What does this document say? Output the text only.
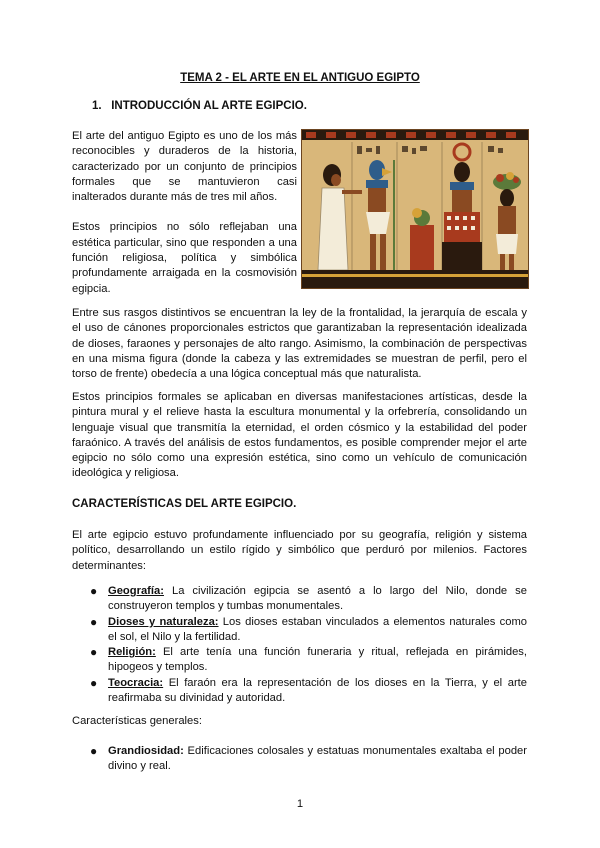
TEMA 2 - EL ARTE EN EL ANTIGUO EGIPTO
1. INTRODUCCIÓN AL ARTE EGIPCIO.

El arte del antiguo Egipto es uno de los más reconocibles y duraderos de la historia, caracterizado por un conjunto de principios formales que se mantuvieron casi inalterados durante más de tres mil años.

Estos principios no sólo reflejaban una estética particular, sino que responden a una función religiosa, política y simbólica profundamente arraigada en la cosmovisión egipcia.

Entre sus rasgos distintivos se encuentran la ley de la frontalidad, la jerarquía de escala y el uso de cánones proporcionales estrictos que garantizaban la representación idealizada de dioses, faraones y personajes de alto rango. Asimismo, la combinación de perspectivas en una misma figura (donde la cabeza y las extremidades se muestran de perfil, pero el torso de frente) obedecía a una lógica conceptual más que naturalista.

Estos principios formales se aplicaban en diversas manifestaciones artísticas, desde la pintura mural y el relieve hasta la escultura monumental y la orfebrería, consolidando un lenguaje visual que transmitía la eternidad, el orden cósmico y la estabilidad del poder faraónico. A través del análisis de estos fundamentos, es posible comprender mejor el arte egipcio no sólo como una expresión estética, sino como un vehículo de comunicación ideológica y religiosa.

CARACTERÍSTICAS DEL ARTE EGIPCIO.

El arte egipcio estuvo profundamente influenciado por su geografía, religión y sistema político, desarrollando un estilo rígido y simbólico que perduró por milenios. Factores determinantes:

● Geografía: La civilización egipcia se asentó a lo largo del Nilo, donde se construyeron templos y tumbas monumentales.
● Dioses y naturaleza: Los dioses estaban vinculados a elementos naturales como el sol, el Nilo y la fertilidad.
● Religión: El arte tenía una función funeraria y ritual, reflejada en pirámides, hipogeos y templos.
● Teocracia: El faraón era la representación de los dioses en la Tierra, y el arte reafirmaba su divinidad y autoridad.

Características generales:

● Grandiosidad: Edificaciones colosales y estatuas monumentales exaltaba el poder divino y real.
1
